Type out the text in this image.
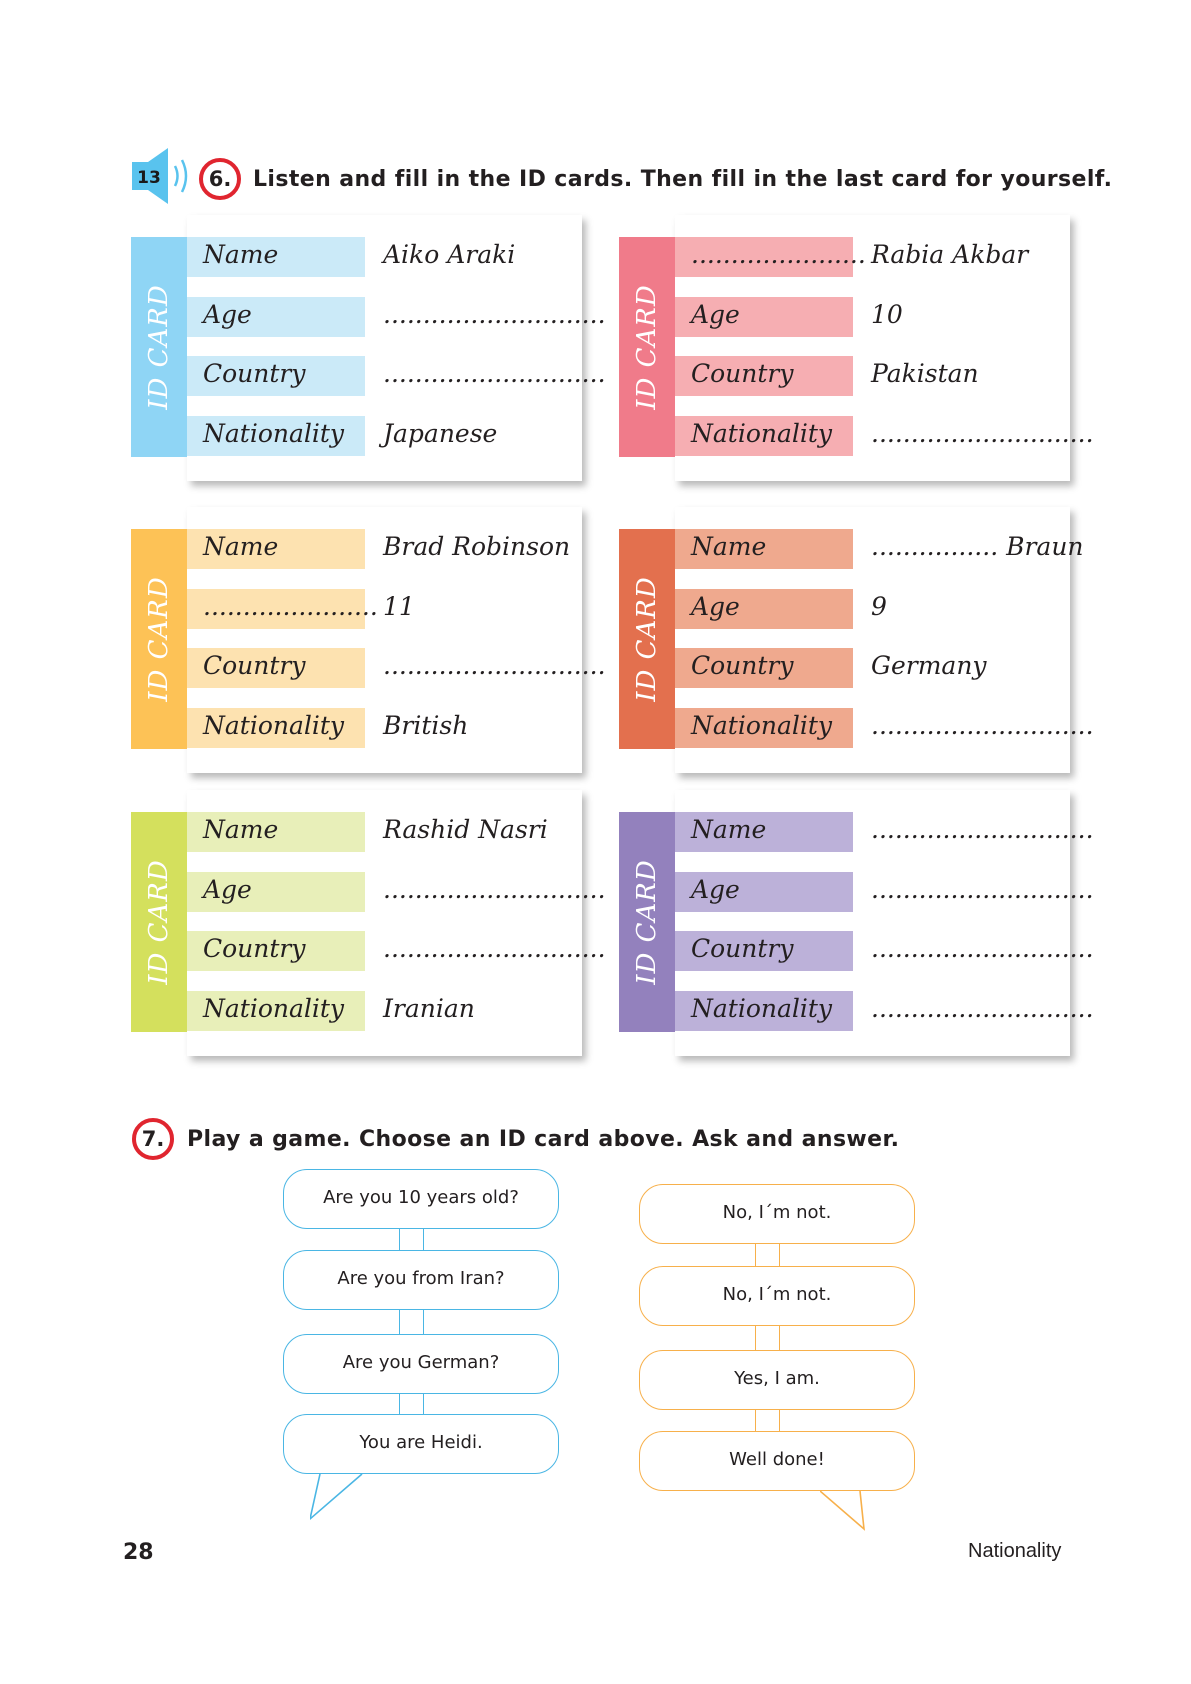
13	6. Listen and fill in the ID cards. Then fill in the last card for yourself.
ID CARD
Name	Aiko Araki
Age	............................
Country	............................
Nationality Japanese
ID CARD
...................... Rabia Akbar
Age	10
Country	Pakistan
Nationality ............................
ID CARD
Name	Brad Robinson
...................... 11
Country	............................
Nationality British
ID CARD
Name	................ Braun
Age	9
Country	Germany
Nationality ............................
ID CARD
Name	Rashid Nasri
Age	............................
Country	............................
Nationality Iranian
ID CARD
Name	............................
Age	............................
Country	............................
Nationality ............................
7.	Play a game. Choose an ID card above. Ask and answer.
Are you 10 years old?
Are you from Iran?
Are you German?
You are Heidi.
No, I´m not.
No, I´m not.
Yes, I am.
Well done!
28	Nationality
